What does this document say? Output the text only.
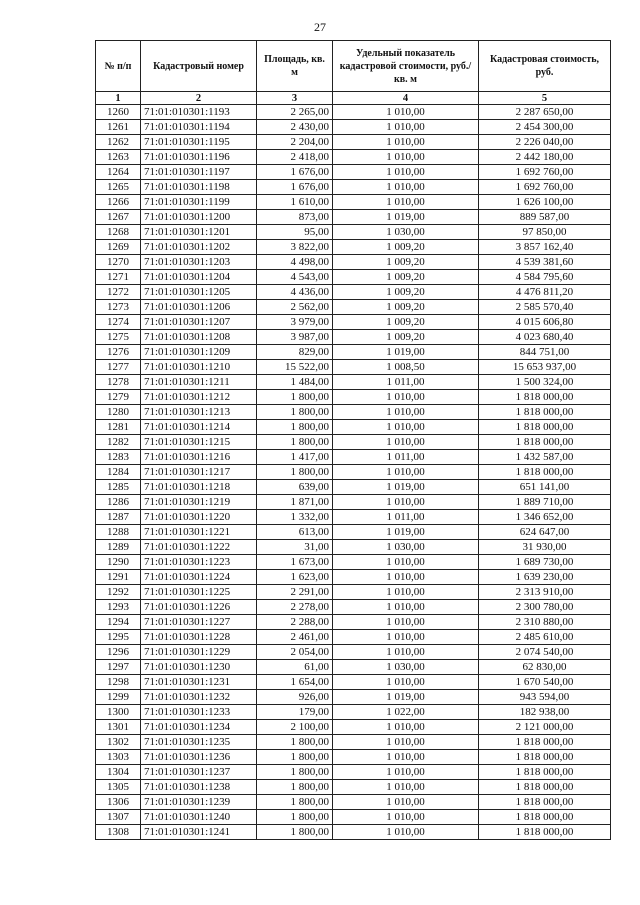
27
№ п/п	Кадастровый номер	Площадь, кв. м	Удельный показатель кадастровой стоимости, руб./кв. м	Кадастровая стоимость, руб.
1	2	3	4	5
1260	71:01:010301:1193	2 265,00	1 010,00	2 287 650,00
1261	71:01:010301:1194	2 430,00	1 010,00	2 454 300,00
1262	71:01:010301:1195	2 204,00	1 010,00	2 226 040,00
1263	71:01:010301:1196	2 418,00	1 010,00	2 442 180,00
1264	71:01:010301:1197	1 676,00	1 010,00	1 692 760,00
1265	71:01:010301:1198	1 676,00	1 010,00	1 692 760,00
1266	71:01:010301:1199	1 610,00	1 010,00	1 626 100,00
1267	71:01:010301:1200	873,00	1 019,00	889 587,00
1268	71:01:010301:1201	95,00	1 030,00	97 850,00
1269	71:01:010301:1202	3 822,00	1 009,20	3 857 162,40
1270	71:01:010301:1203	4 498,00	1 009,20	4 539 381,60
1271	71:01:010301:1204	4 543,00	1 009,20	4 584 795,60
1272	71:01:010301:1205	4 436,00	1 009,20	4 476 811,20
1273	71:01:010301:1206	2 562,00	1 009,20	2 585 570,40
1274	71:01:010301:1207	3 979,00	1 009,20	4 015 606,80
1275	71:01:010301:1208	3 987,00	1 009,20	4 023 680,40
1276	71:01:010301:1209	829,00	1 019,00	844 751,00
1277	71:01:010301:1210	15 522,00	1 008,50	15 653 937,00
1278	71:01:010301:1211	1 484,00	1 011,00	1 500 324,00
1279	71:01:010301:1212	1 800,00	1 010,00	1 818 000,00
1280	71:01:010301:1213	1 800,00	1 010,00	1 818 000,00
1281	71:01:010301:1214	1 800,00	1 010,00	1 818 000,00
1282	71:01:010301:1215	1 800,00	1 010,00	1 818 000,00
1283	71:01:010301:1216	1 417,00	1 011,00	1 432 587,00
1284	71:01:010301:1217	1 800,00	1 010,00	1 818 000,00
1285	71:01:010301:1218	639,00	1 019,00	651 141,00
1286	71:01:010301:1219	1 871,00	1 010,00	1 889 710,00
1287	71:01:010301:1220	1 332,00	1 011,00	1 346 652,00
1288	71:01:010301:1221	613,00	1 019,00	624 647,00
1289	71:01:010301:1222	31,00	1 030,00	31 930,00
1290	71:01:010301:1223	1 673,00	1 010,00	1 689 730,00
1291	71:01:010301:1224	1 623,00	1 010,00	1 639 230,00
1292	71:01:010301:1225	2 291,00	1 010,00	2 313 910,00
1293	71:01:010301:1226	2 278,00	1 010,00	2 300 780,00
1294	71:01:010301:1227	2 288,00	1 010,00	2 310 880,00
1295	71:01:010301:1228	2 461,00	1 010,00	2 485 610,00
1296	71:01:010301:1229	2 054,00	1 010,00	2 074 540,00
1297	71:01:010301:1230	61,00	1 030,00	62 830,00
1298	71:01:010301:1231	1 654,00	1 010,00	1 670 540,00
1299	71:01:010301:1232	926,00	1 019,00	943 594,00
1300	71:01:010301:1233	179,00	1 022,00	182 938,00
1301	71:01:010301:1234	2 100,00	1 010,00	2 121 000,00
1302	71:01:010301:1235	1 800,00	1 010,00	1 818 000,00
1303	71:01:010301:1236	1 800,00	1 010,00	1 818 000,00
1304	71:01:010301:1237	1 800,00	1 010,00	1 818 000,00
1305	71:01:010301:1238	1 800,00	1 010,00	1 818 000,00
1306	71:01:010301:1239	1 800,00	1 010,00	1 818 000,00
1307	71:01:010301:1240	1 800,00	1 010,00	1 818 000,00
1308	71:01:010301:1241	1 800,00	1 010,00	1 818 000,00
